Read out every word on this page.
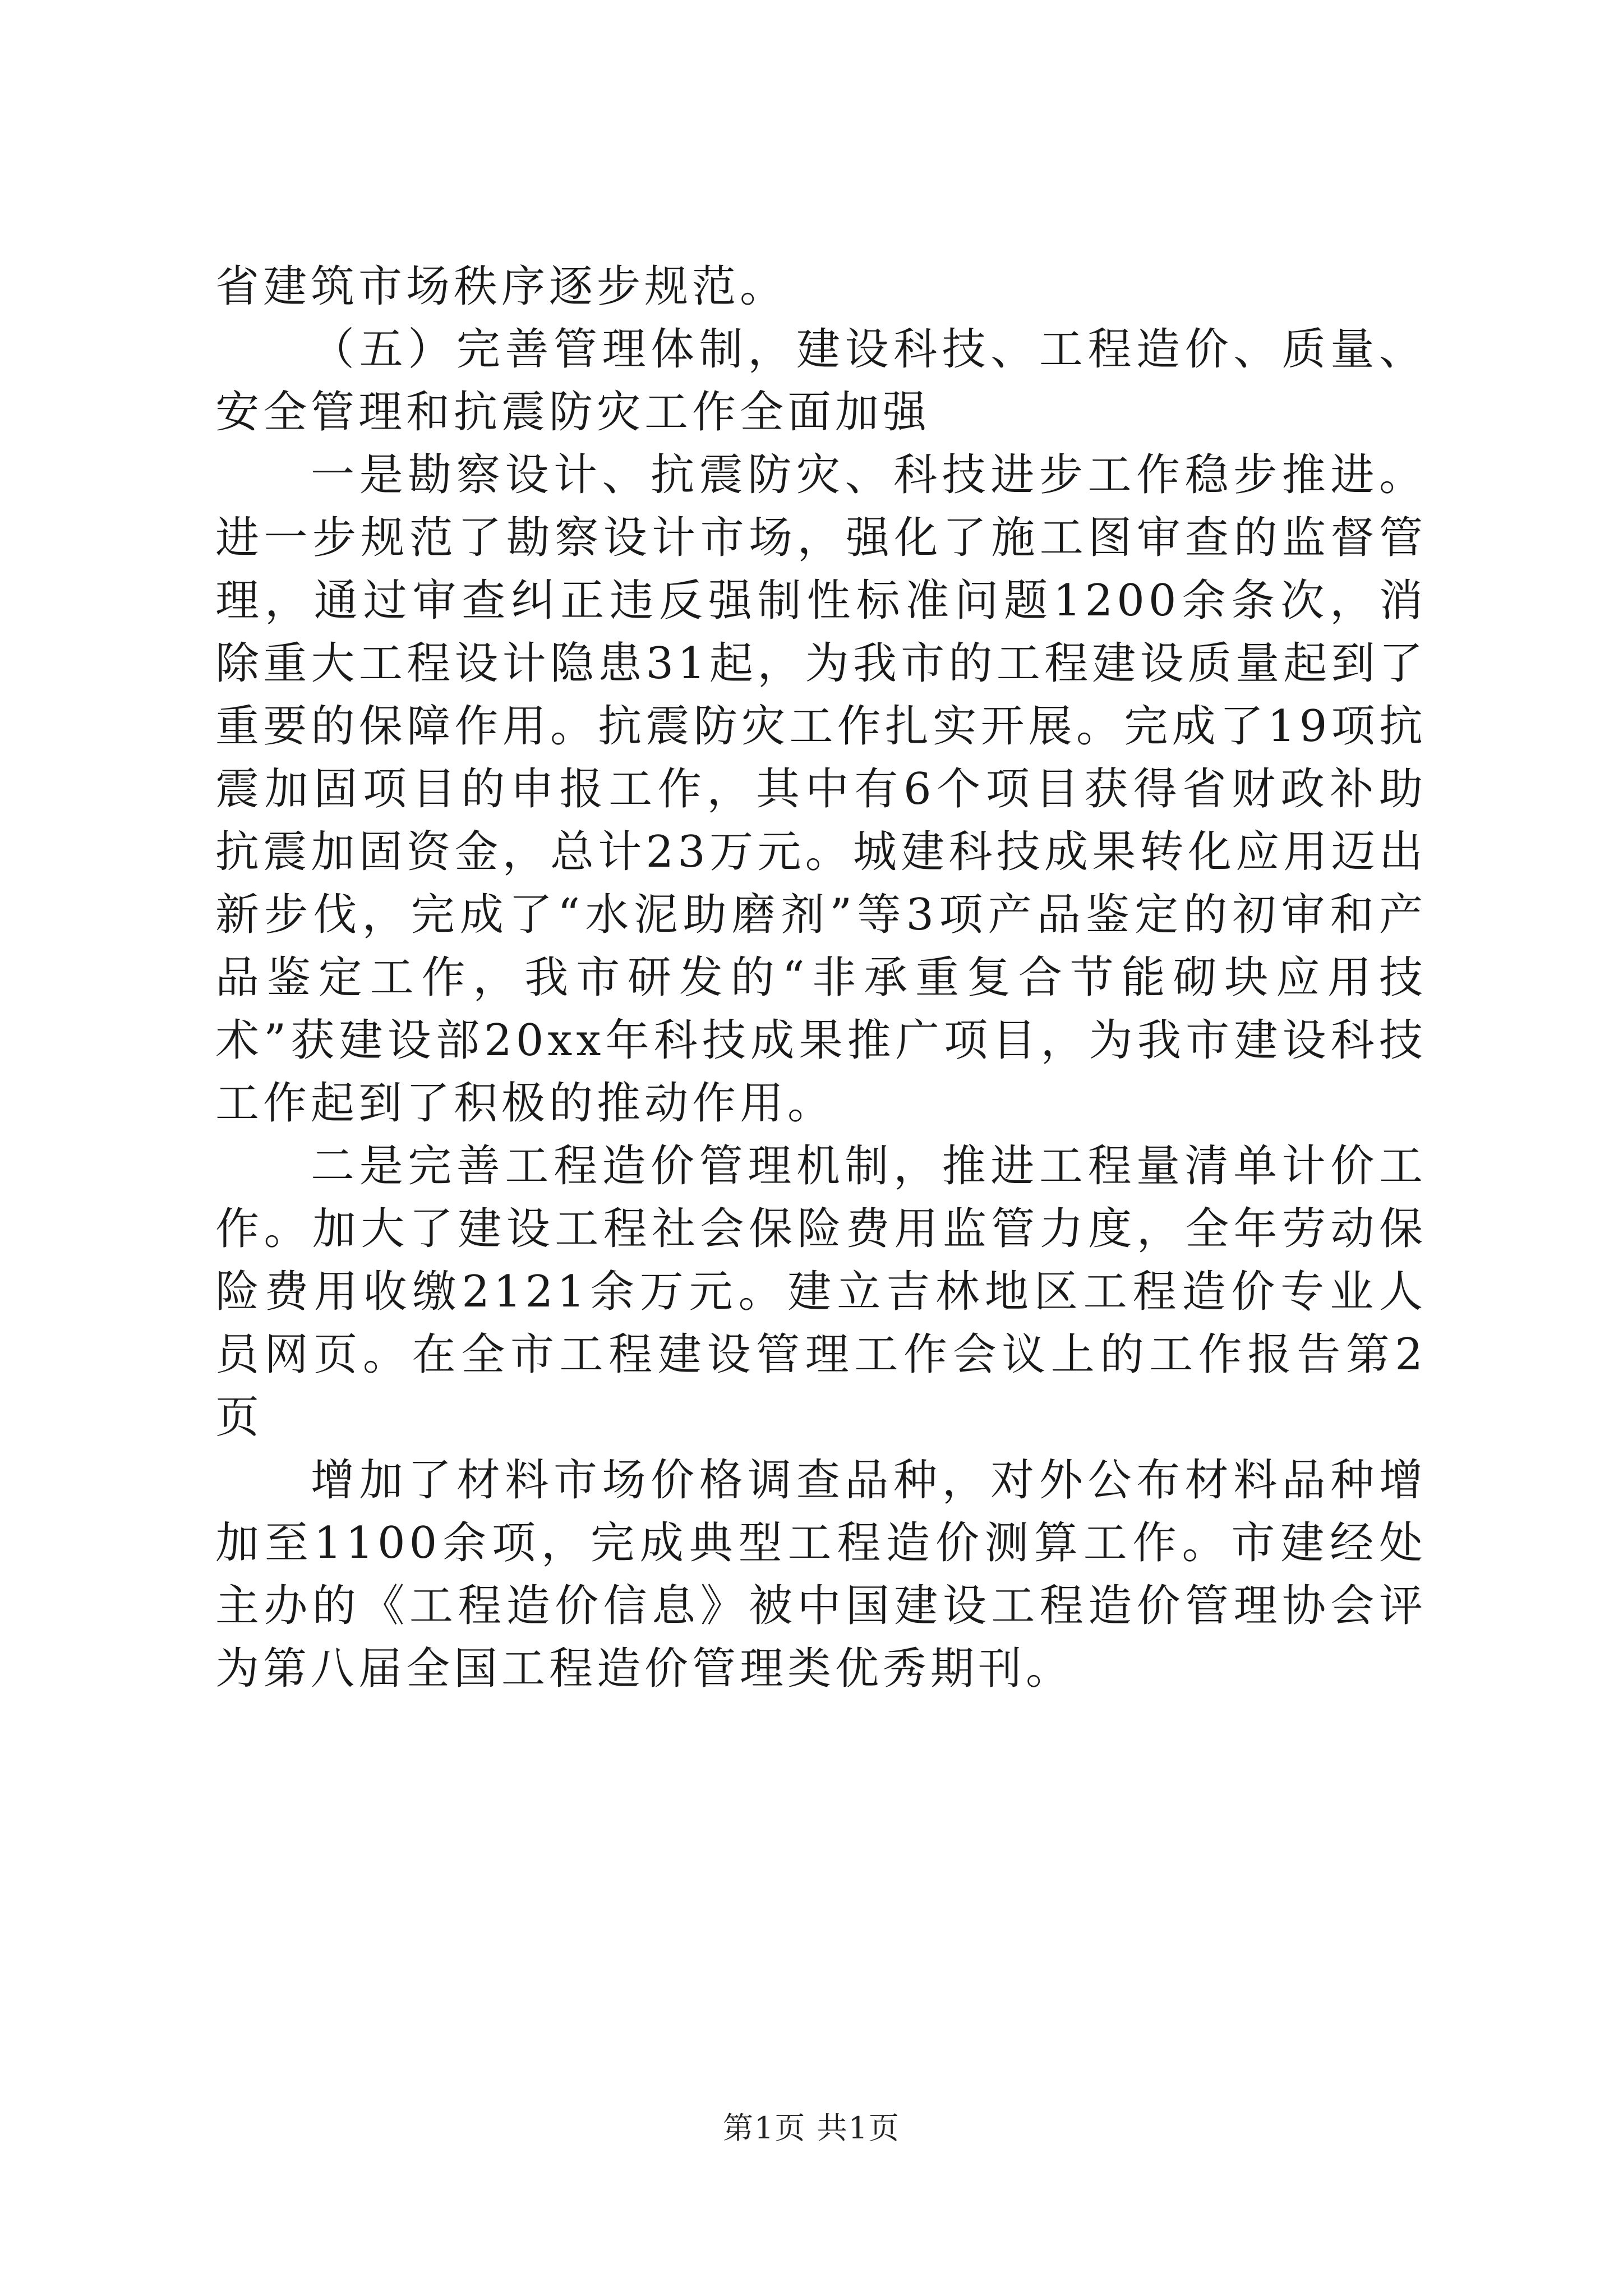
省建筑市场秩序逐步规范。

（五）完善管理体制，建设科技、工程造价、质量、安全管理和抗震防灾工作全面加强

一是勘察设计、抗震防灾、科技进步工作稳步推进。进一步规范了勘察设计市场，强化了施工图审查的监督管理，通过审查纠正违反强制性标准问题1200余条次，消除重大工程设计隐患31起，为我市的工程建设质量起到了重要的保障作用。抗震防灾工作扎实开展。完成了19项抗震加固项目的申报工作，其中有6个项目获得省财政补助抗震加固资金，总计23万元。城建科技成果转化应用迈出新步伐，完成了“水泥助磨剂”等3项产品鉴定的初审和产品鉴定工作，我市研发的“非承重复合节能砌块应用技术”获建设部20xx年科技成果推广项目，为我市建设科技工作起到了积极的推动作用。

二是完善工程造价管理机制，推进工程量清单计价工作。加大了建设工程社会保险费用监管力度，全年劳动保险费用收缴2121余万元。建立吉林地区工程造价专业人员网页。在全市工程建设管理工作会议上的工作报告第2页

增加了材料市场价格调查品种，对外公布材料品种增加至1100余项，完成典型工程造价测算工作。市建经处主办的《工程造价信息》被中国建设工程造价管理协会评为第八届全国工程造价管理类优秀期刊。

第1页 共1页
